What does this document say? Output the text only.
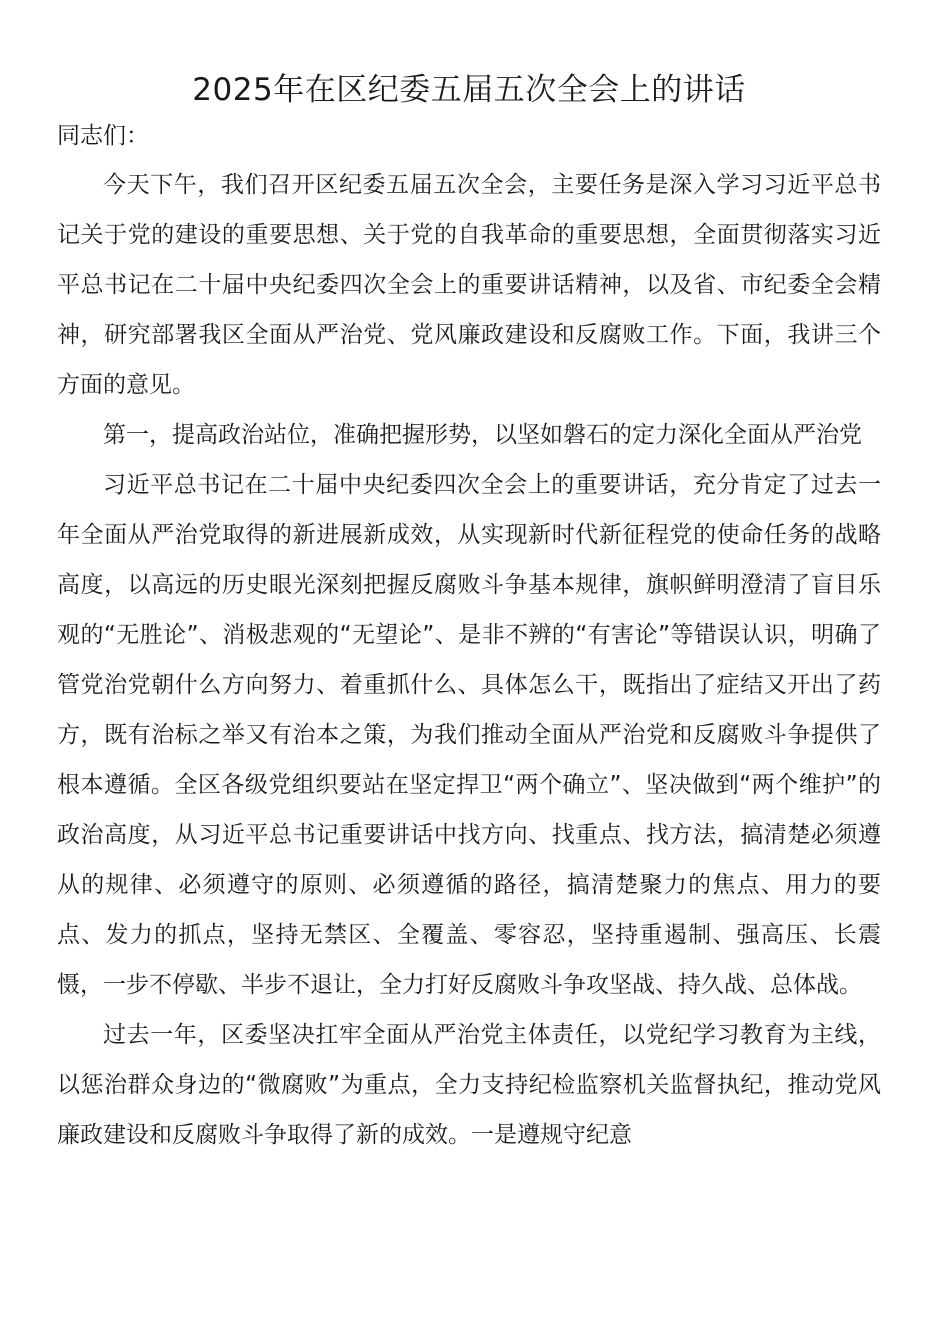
2025年在区纪委五届五次全会上的讲话

同志们：

今天下午，我们召开区纪委五届五次全会，主要任务是深入学习习近平总书记关于党的建设的重要思想、关于党的自我革命的重要思想，全面贯彻落实习近平总书记在二十届中央纪委四次全会上的重要讲话精神，以及省、市纪委全会精神，研究部署我区全面从严治党、党风廉政建设和反腐败工作。下面，我讲三个方面的意见。

第一，提高政治站位，准确把握形势，以坚如磐石的定力深化全面从严治党

习近平总书记在二十届中央纪委四次全会上的重要讲话，充分肯定了过去一年全面从严治党取得的新进展新成效，从实现新时代新征程党的使命任务的战略高度，以高远的历史眼光深刻把握反腐败斗争基本规律，旗帜鲜明澄清了盲目乐观的“无胜论”、消极悲观的“无望论”、是非不辨的“有害论”等错误认识，明确了管党治党朝什么方向努力、着重抓什么、具体怎么干，既指出了症结又开出了药方，既有治标之举又有治本之策，为我们推动全面从严治党和反腐败斗争提供了根本遵循。全区各级党组织要站在坚定捍卫“两个确立”、坚决做到“两个维护”的政治高度，从习近平总书记重要讲话中找方向、找重点、找方法，搞清楚必须遵从的规律、必须遵守的原则、必须遵循的路径，搞清楚聚力的焦点、用力的要点、发力的抓点，坚持无禁区、全覆盖、零容忍，坚持重遏制、强高压、长震慑，一步不停歇、半步不退让，全力打好反腐败斗争攻坚战、持久战、总体战。

过去一年，区委坚决扛牢全面从严治党主体责任，以党纪学习教育为主线，以惩治群众身边的“微腐败”为重点，全力支持纪检监察机关监督执纪，推动党风廉政建设和反腐败斗争取得了新的成效。一是遵规守纪意
